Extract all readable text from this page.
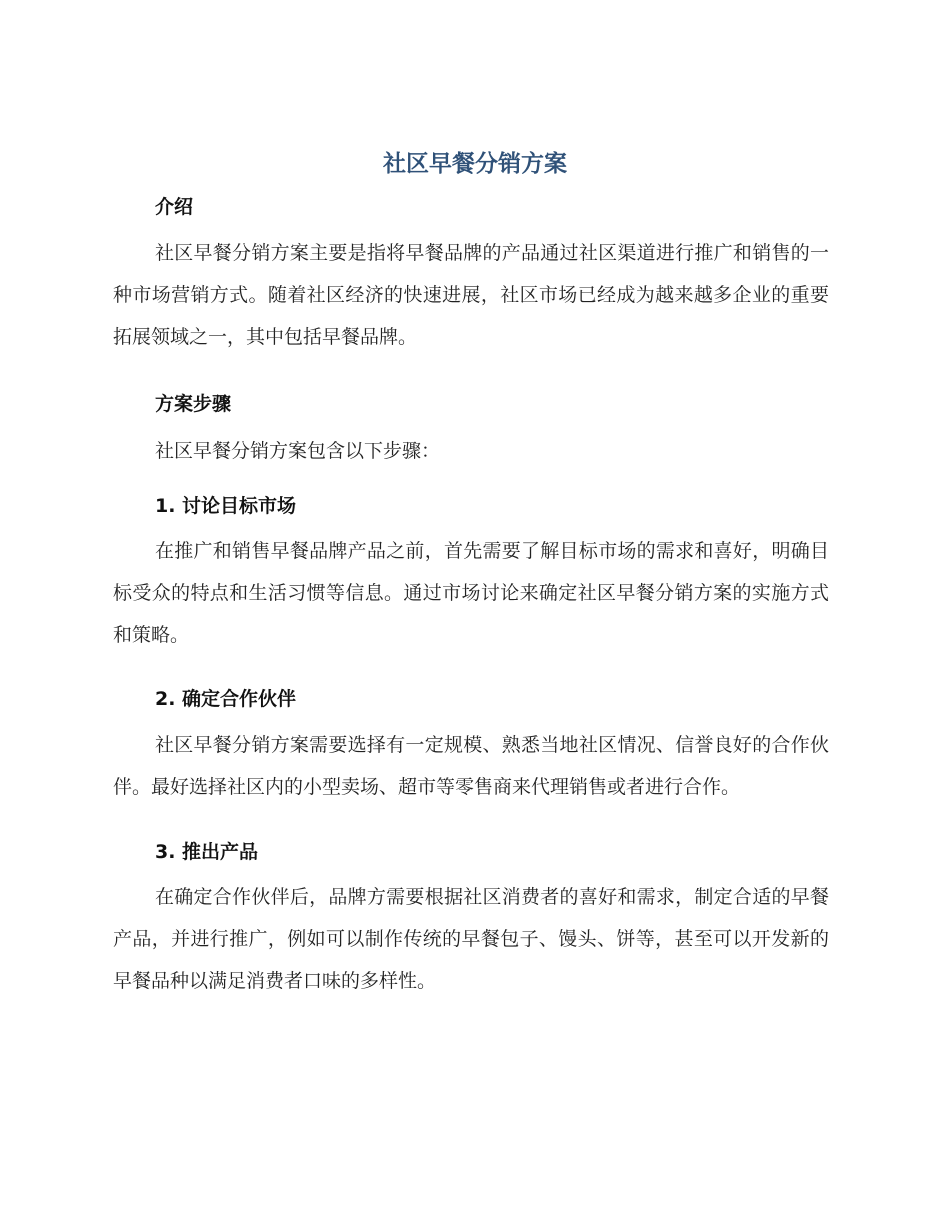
社区早餐分销方案
介绍

社区早餐分销方案主要是指将早餐品牌的产品通过社区渠道进行推广和销售的一种市场营销方式。随着社区经济的快速进展，社区市场已经成为越来越多企业的重要拓展领域之一，其中包括早餐品牌。

方案步骤

社区早餐分销方案包含以下步骤：

1. 讨论目标市场

在推广和销售早餐品牌产品之前，首先需要了解目标市场的需求和喜好，明确目标受众的特点和生活习惯等信息。通过市场讨论来确定社区早餐分销方案的实施方式和策略。

2. 确定合作伙伴

社区早餐分销方案需要选择有一定规模、熟悉当地社区情况、信誉良好的合作伙伴。最好选择社区内的小型卖场、超市等零售商来代理销售或者进行合作。

3. 推出产品

在确定合作伙伴后，品牌方需要根据社区消费者的喜好和需求，制定合适的早餐产品，并进行推广，例如可以制作传统的早餐包子、馒头、饼等，甚至可以开发新的早餐品种以满足消费者口味的多样性。
